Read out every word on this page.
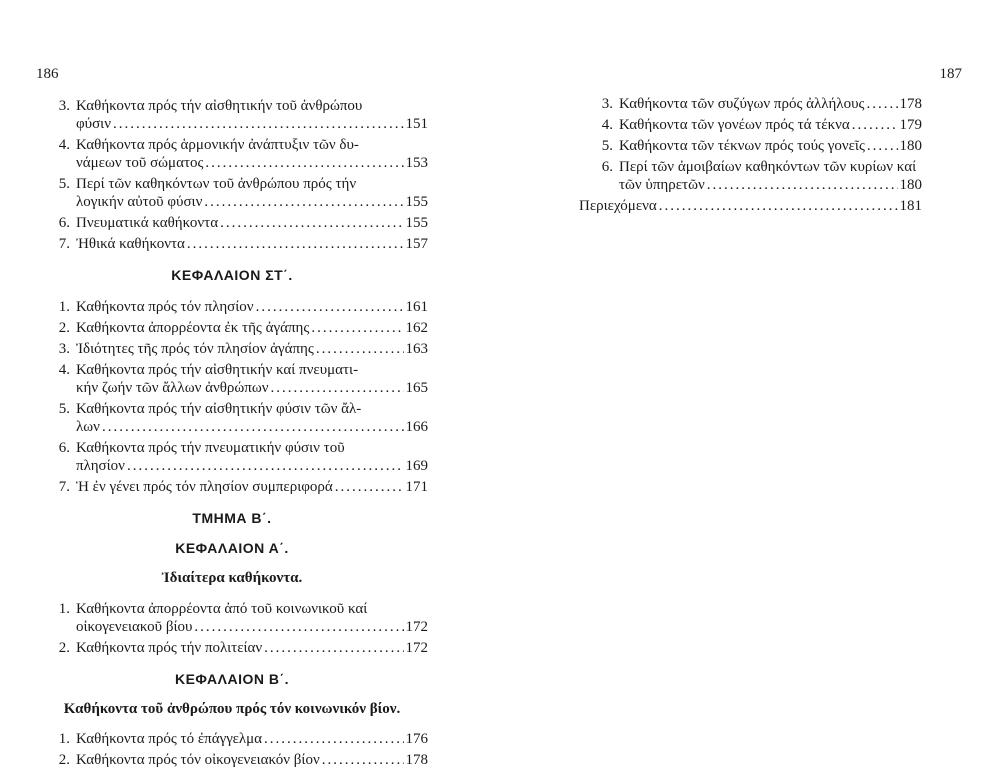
186
3. Καθήκοντα πρός τήν αἰσθητικήν τοῦ ἀνθρώπου
φύσιν .....	151
4. Καθήκοντα πρός ἁρμονικήν ἀνάπτυξιν τῶν δυ-
νάμεων τοῦ σώματος .....	153
5. Περί τῶν καθηκόντων τοῦ ἀνθρώπου πρός τήν
λογικήν αὐτοῦ φύσιν .....	155
6. Πνευματικά καθήκοντα .....	155
7. Ἠθικά καθήκοντα .....	157
ΚΕΦΑΛΑΙΟΝ ΣΤ΄.
1. Καθήκοντα πρός τόν πλησίον .....	161
2. Καθήκοντα ἀπορρέοντα ἐκ τῆς ἀγάπης .....	162
3. Ἰδιότητες τῆς πρός τόν πλησίον ἀγάπης .....	163
4. Καθήκοντα πρός τήν αἰσθητικήν καί πνευματι-
κήν ζωήν τῶν ἄλλων ἀνθρώπων .....	165
5. Καθήκοντα πρός τήν αἰσθητικήν φύσιν τῶν ἄλ-
λων .....	166
6. Καθήκοντα πρός τήν πνευματικήν φύσιν τοῦ
πλησίον .....	169
7. Ἡ ἐν γένει πρός τόν πλησίον συμπεριφορά .....	171
ΤΜΗΜΑ Β΄.
ΚΕΦΑΛΑΙΟΝ Α΄.
Ἰδιαίτερα καθήκοντα.
1. Καθήκοντα ἀπορρέοντα ἀπό τοῦ κοινωνικοῦ καί
οἰκογενειακοῦ βίου .....	172
2. Καθήκοντα πρός τήν πολιτείαν .....	172
ΚΕΦΑΛΑΙΟΝ Β΄.
Καθήκοντα τοῦ ἀνθρώπου πρός τόν κοινωνικόν βίον.
1. Καθήκοντα πρός τό ἐπάγγελμα .....	176
2. Καθήκοντα πρός τόν οἰκογενειακόν βίον .....	178
187
3. Καθήκοντα τῶν συζύγων πρός ἀλλήλους ..... 178
4. Καθήκοντα τῶν γονέων πρός τά τέκνα .....	179
5. Καθήκοντα τῶν τέκνων πρός τούς γονεῖς ..... 180
6. Περί τῶν ἀμοιβαίων καθηκόντων τῶν κυρίων καί
τῶν ὑπηρετῶν .....	180
Περιεχόμενα .....	181
